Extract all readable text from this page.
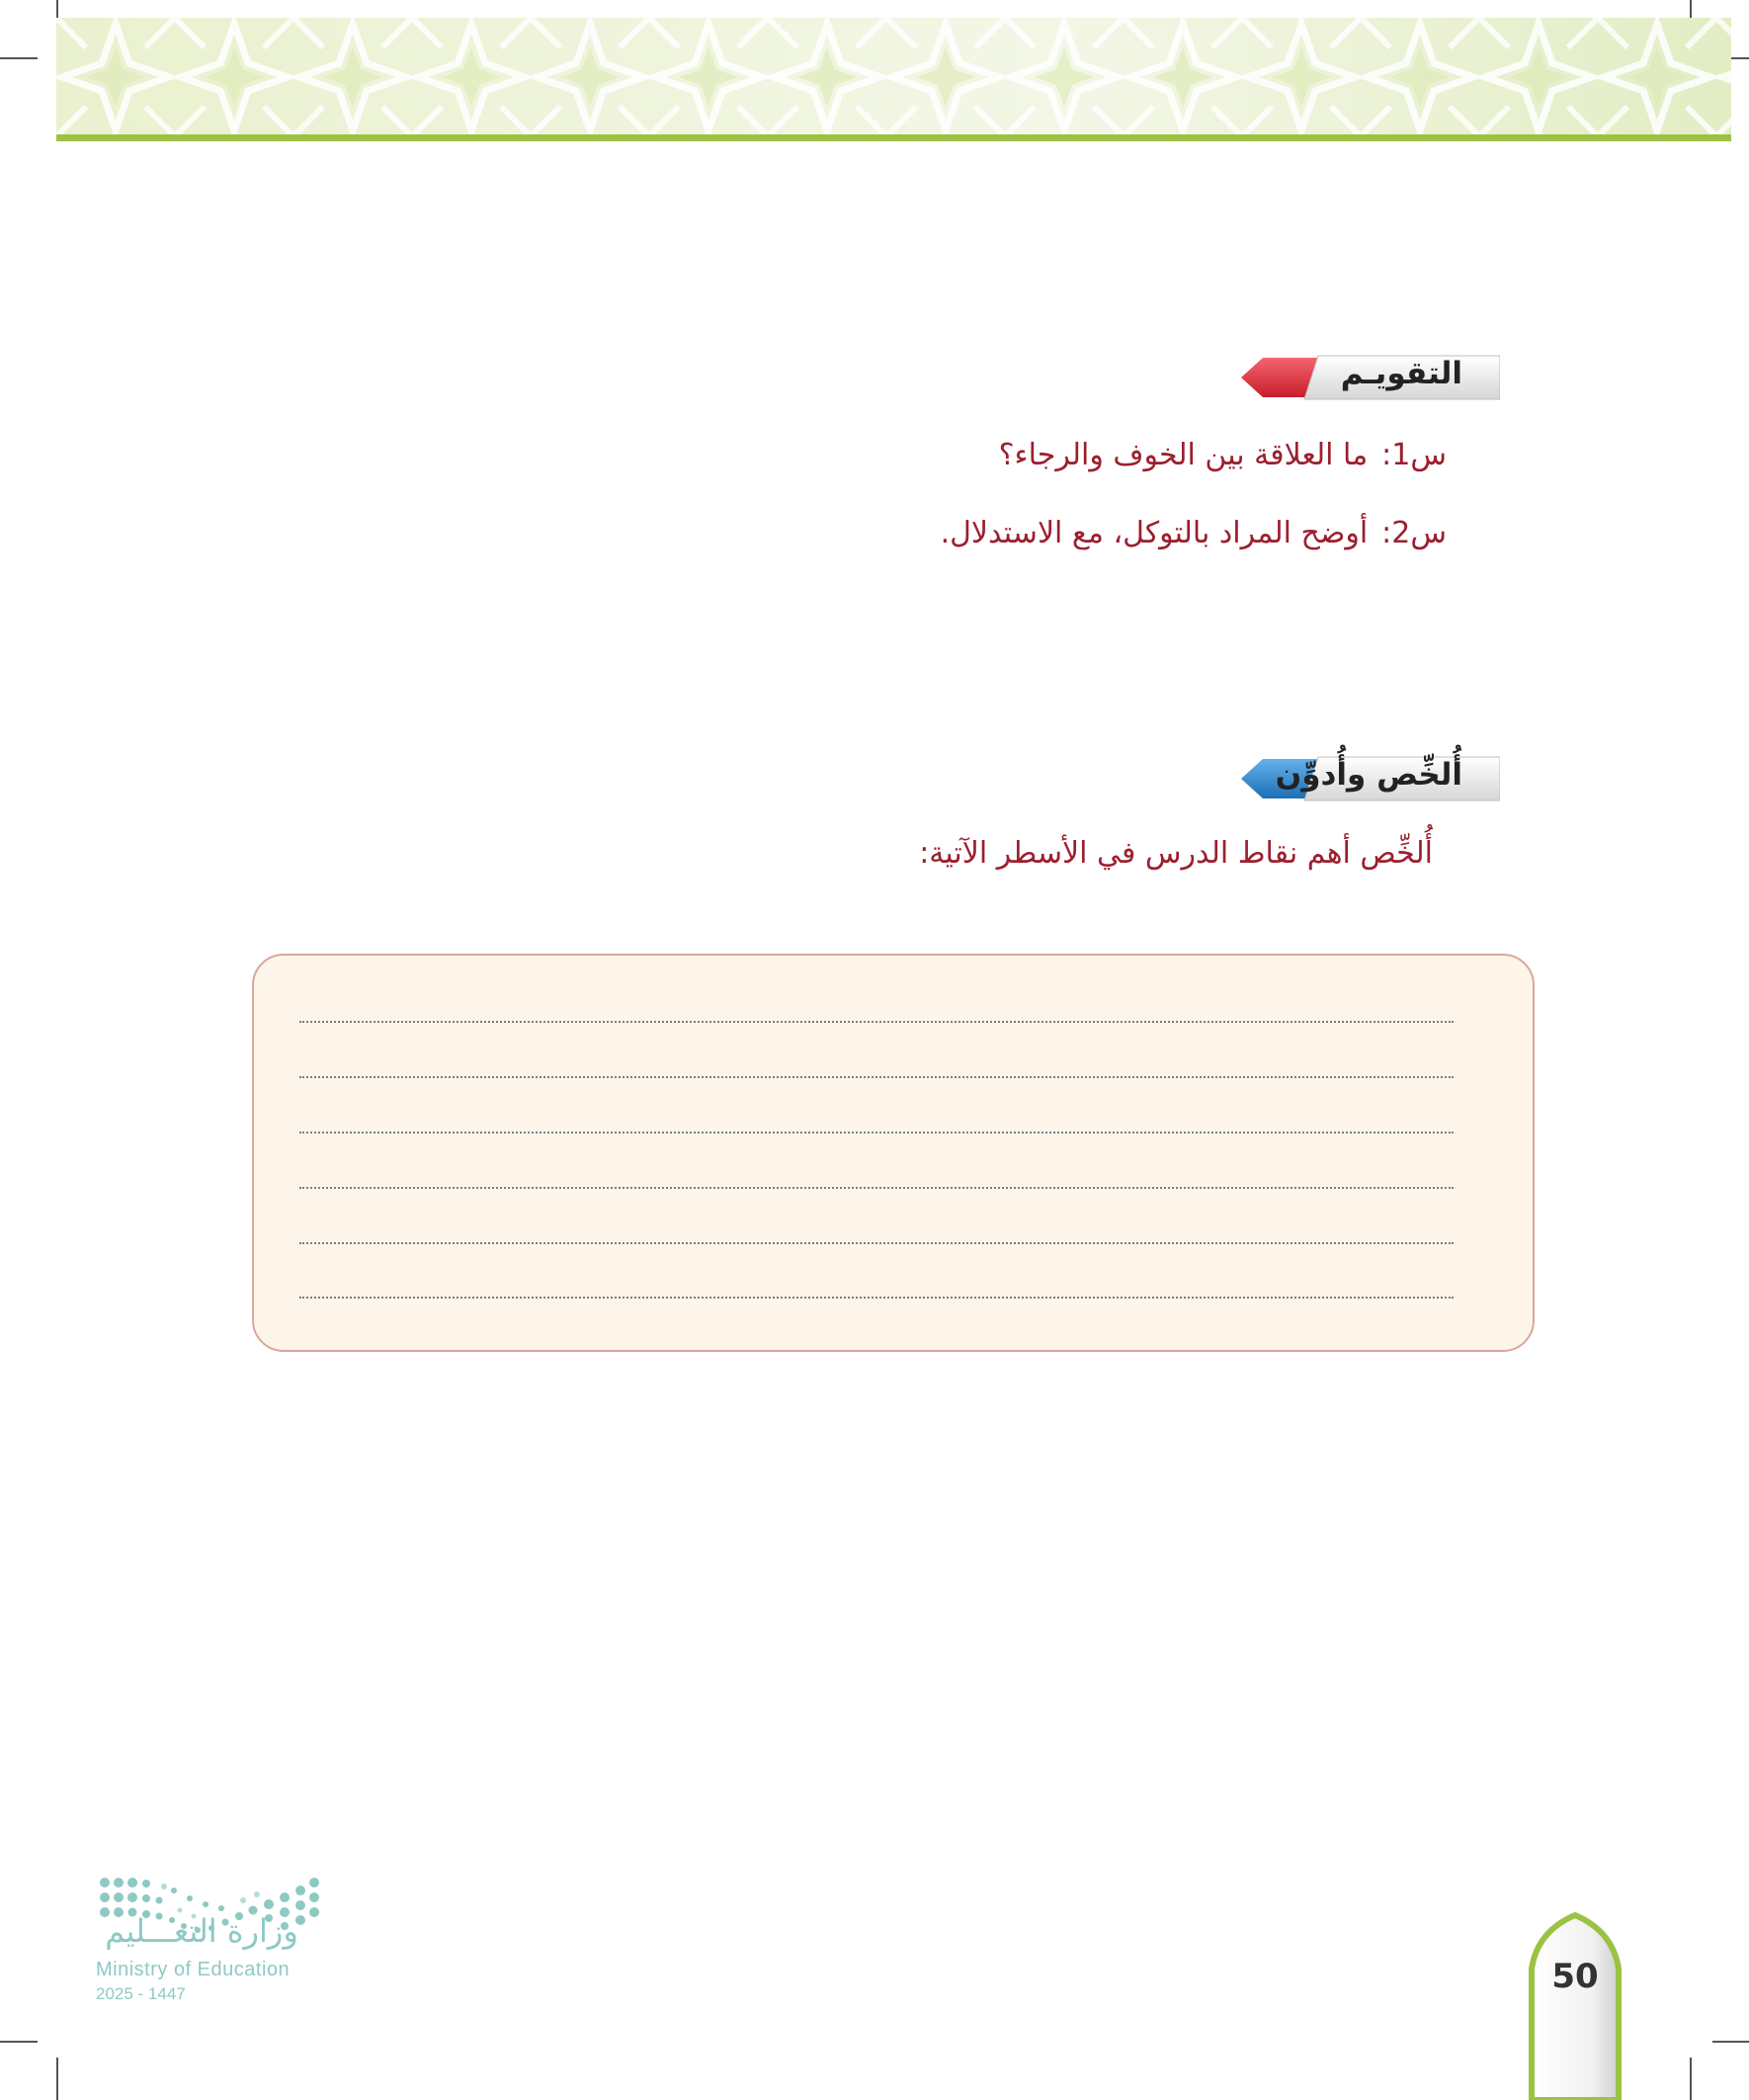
التقويـم
س1:ما العلاقة بين الخوف والرجاء؟
س2:أوضح المراد بالتوكل، مع الاستدلال.
أُلخِّص وأُدوِّن
أُلخِّص أهم نقاط الدرس في الأسطر الآتية:
وزارة التعـــليم
Ministry of Education
2025 - 1447	50
